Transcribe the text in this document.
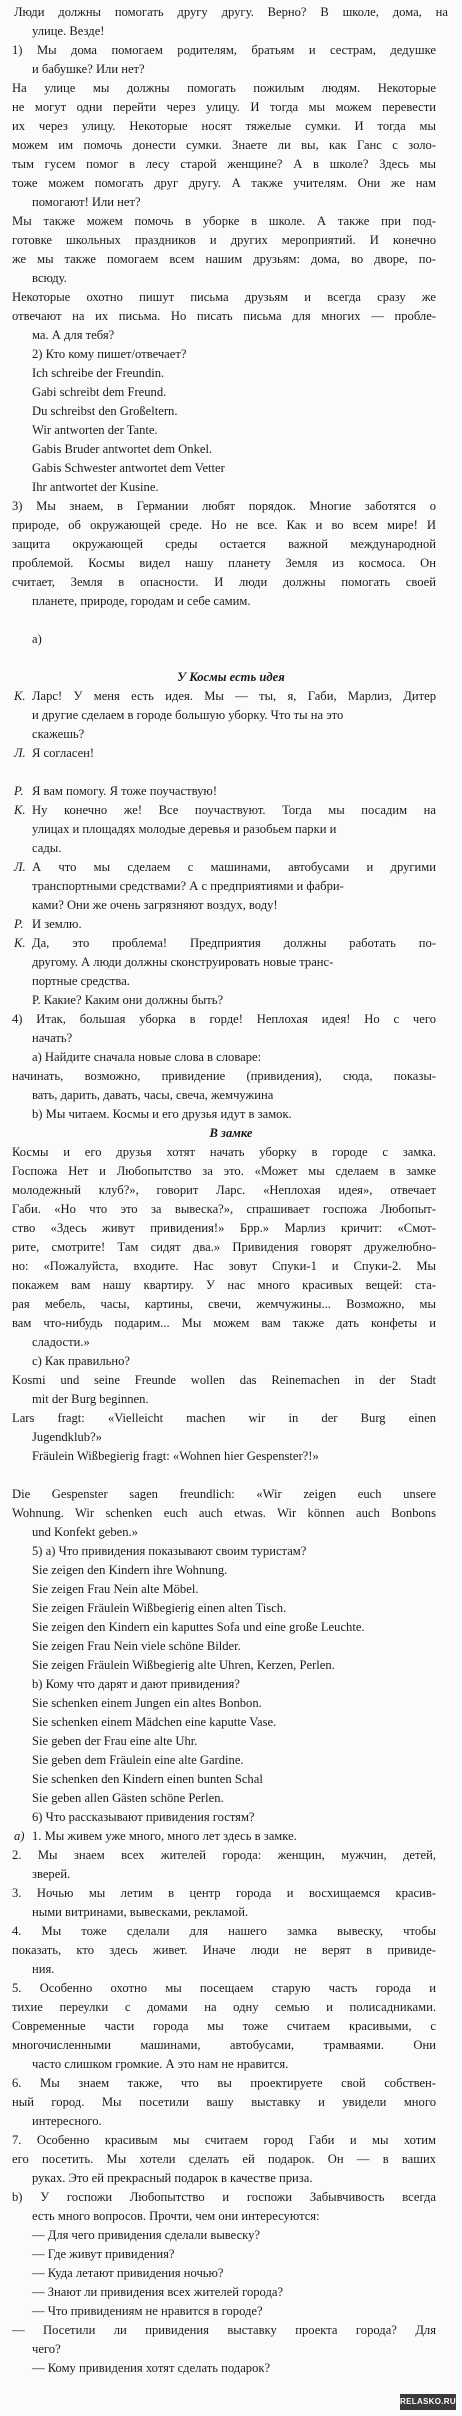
Люди должны помогать другу другу. Верно? В школе, дома, на
улице. Везде!
1) Мы дома помогаем родителям, братьям и сестрам, дедушке
и бабушке? Или нет?
На улице мы должны помогать пожилым людям. Некоторые
не могут одни перейти через улицу. И тогда мы можем перевести
их через улицу. Некоторые носят тяжелые сумки. И тогда мы
можем им помочь донести сумки. Знаете ли вы, как Ганс с золо-
тым гусем помог в лесу старой женщине? А в школе? Здесь мы
тоже можем помогать друг другу. А также учителям. Они же нам
помогают! Или нет?
Мы также можем помочь в уборке в школе. А также при под-
готовке школьных праздников и других мероприятий. И конечно
же мы также помогаем всем нашим друзьям: дома, во дворе, по-
всюду.
Некоторые охотно пишут письма друзьям и всегда сразу же
отвечают на их письма. Но писать письма для многих — пробле-
ма. А для тебя?
2) Кто кому пишет/отвечает?
Ich schreibe der Freundin.
Gabi schreibt dem Freund.
Du schreibst den Großeltern.
Wir antworten der Tante.
Gabis Bruder antwortet dem Onkel.
Gabis Schwester antwortet dem Vetter
Ihr antwortet der Kusine.
3) Мы знаем, в Германии любят порядок. Многие заботятся о
природе, об окружающей среде. Но не все. Как и во всем мире! И
защита окружающей среды остается важной международной
проблемой. Космы видел нашу планету Земля из космоса. Он
считает, Земля в опасности. И люди должны помогать своей
планете, природе, городам и себе самим.
а)
У Космы есть идея
К. Ларс! У меня есть идея. Мы — ты, я, Габи, Марлиз, Дитер
и другие сделаем в городе большую уборку. Что ты на это
скажешь?
Л. Я согласен!
Р. Я вам помогу. Я тоже поучаствую!
К. Ну конечно же! Все поучаствуют. Тогда мы посадим на
улицах и площадях молодые деревья и разобьем парки и
сады.
Л. А что мы сделаем с машинами, автобусами и другими
транспортными средствами? А с предприятиями и фабри-
ками? Они же очень загрязняют воздух, воду!
Р. И землю.
К. Да, это проблема! Предприятия должны работать по-
другому. А люди должны сконструировать новые транс-
портные средства.
Р. Какие? Каким они должны быть?
4) Итак, большая уборка в горде! Неплохая идея! Но с чего
начать?
а) Найдите сначала новые слова в словаре:
начинать, возможно, привидение (привидения), сюда, показы-
вать, дарить, давать, часы, свеча, жемчужина
b) Мы читаем. Космы и его друзья идут в замок.
В замке
Космы и его друзья хотят начать уборку в городе с замка.
Госпожа Нет и Любопытство за это. «Может мы сделаем в замке
молодежный клуб?», говорит Ларс. «Неплохая идея», отвечает
Габи. «Но что это за вывеска?», спрашивает госпожа Любопыт-
ство «Здесь живут привидения!» Брр.» Марлиз кричит: «Смот-
рите, смотрите! Там сидят два.» Привидения говорят дружелюбно-
но: «Пожалуйста, входите. Нас зовут Спуки-1 и Спуки-2. Мы
покажем вам нашу квартиру. У нас много красивых вещей: ста-
рая мебель, часы, картины, свечи, жемчужины... Возможно, мы
вам что-нибудь подарим... Мы можем вам также дать конфеты и
сладости.»
с) Как правильно?
Kosmi und seine Freunde wollen das Reinemachen in der Stadt
mit der Burg beginnen.
Lars fragt: «Vielleicht machen wir in der Burg einen
Jugendklub?»
Fräulein Wißbegierig fragt: «Wohnen hier Gespenster?!»
Die Gespenster sagen freundlich: «Wir zeigen euch unsere
Wohnung. Wir schenken euch auch etwas. Wir können auch Bonbons
und Konfekt geben.»
5) а) Что привидения показывают своим туристам?
Sie zeigen den Kindern ihre Wohnung.
Sie zeigen Frau Nein alte Möbel.
Sie zeigen Fräulein Wißbegierig einen alten Tisch.
Sie zeigen den Kindern ein kaputtes Sofa und eine große Leuchte.
Sie zeigen Frau Nein viele schöne Bilder.
Sie zeigen Fräulein Wißbegierig alte Uhren, Kerzen, Perlen.
b) Кому что дарят и дают привидения?
Sie schenken einem Jungen ein altes Bonbon.
Sie schenken einem Mädchen eine kaputte Vase.
Sie geben der Frau eine alte Uhr.
Sie geben dem Fräulein eine alte Gardine.
Sie schenken den Kindern einen bunten Schal
Sie geben allen Gästen schöne Perlen.
6) Что рассказывают привидения гостям?
а) 1. Мы живем уже много, много лет здесь в замке.
2. Мы знаем всех жителей города: женщин, мужчин, детей,
зверей.
3. Ночью мы летим в центр города и восхищаемся красив-
ными витринами, вывесками, рекламой.
4. Мы тоже сделали для нашего замка вывеску, чтобы
показать, кто здесь живет. Иначе люди не верят в привиде-
ния.
5. Особенно охотно мы посещаем старую часть города и
тихие переулки с домами на одну семью и полисадниками.
Современные части города мы тоже считаем красивыми, с
многочисленными машинами, автобусами, трамваями. Они
часто слишком громкие. А это нам не нравится.
6. Мы знаем также, что вы проектируете свой собствен-
ный город. Мы посетили вашу выставку и увидели много
интересного.
7. Особенно красивым мы считаем город Габи и мы хотим
его посетить. Мы хотели сделать ей подарок. Он — в ваших
руках. Это ей прекрасный подарок в качестве приза.
b) У госпожи Любопытство и госпожи Забывчивость всегда
есть много вопросов. Прочти, чем они интересуются:
— Для чего привидения сделали вывеску?
— Где живут привидения?
— Куда летают привидения ночью?
— Знают ли привидения всех жителей города?
— Что привидениям не нравится в городе?
— Посетили ли привидения выставку проекта города? Для
чего?
— Кому привидения хотят сделать подарок?
RELASKO.RU
